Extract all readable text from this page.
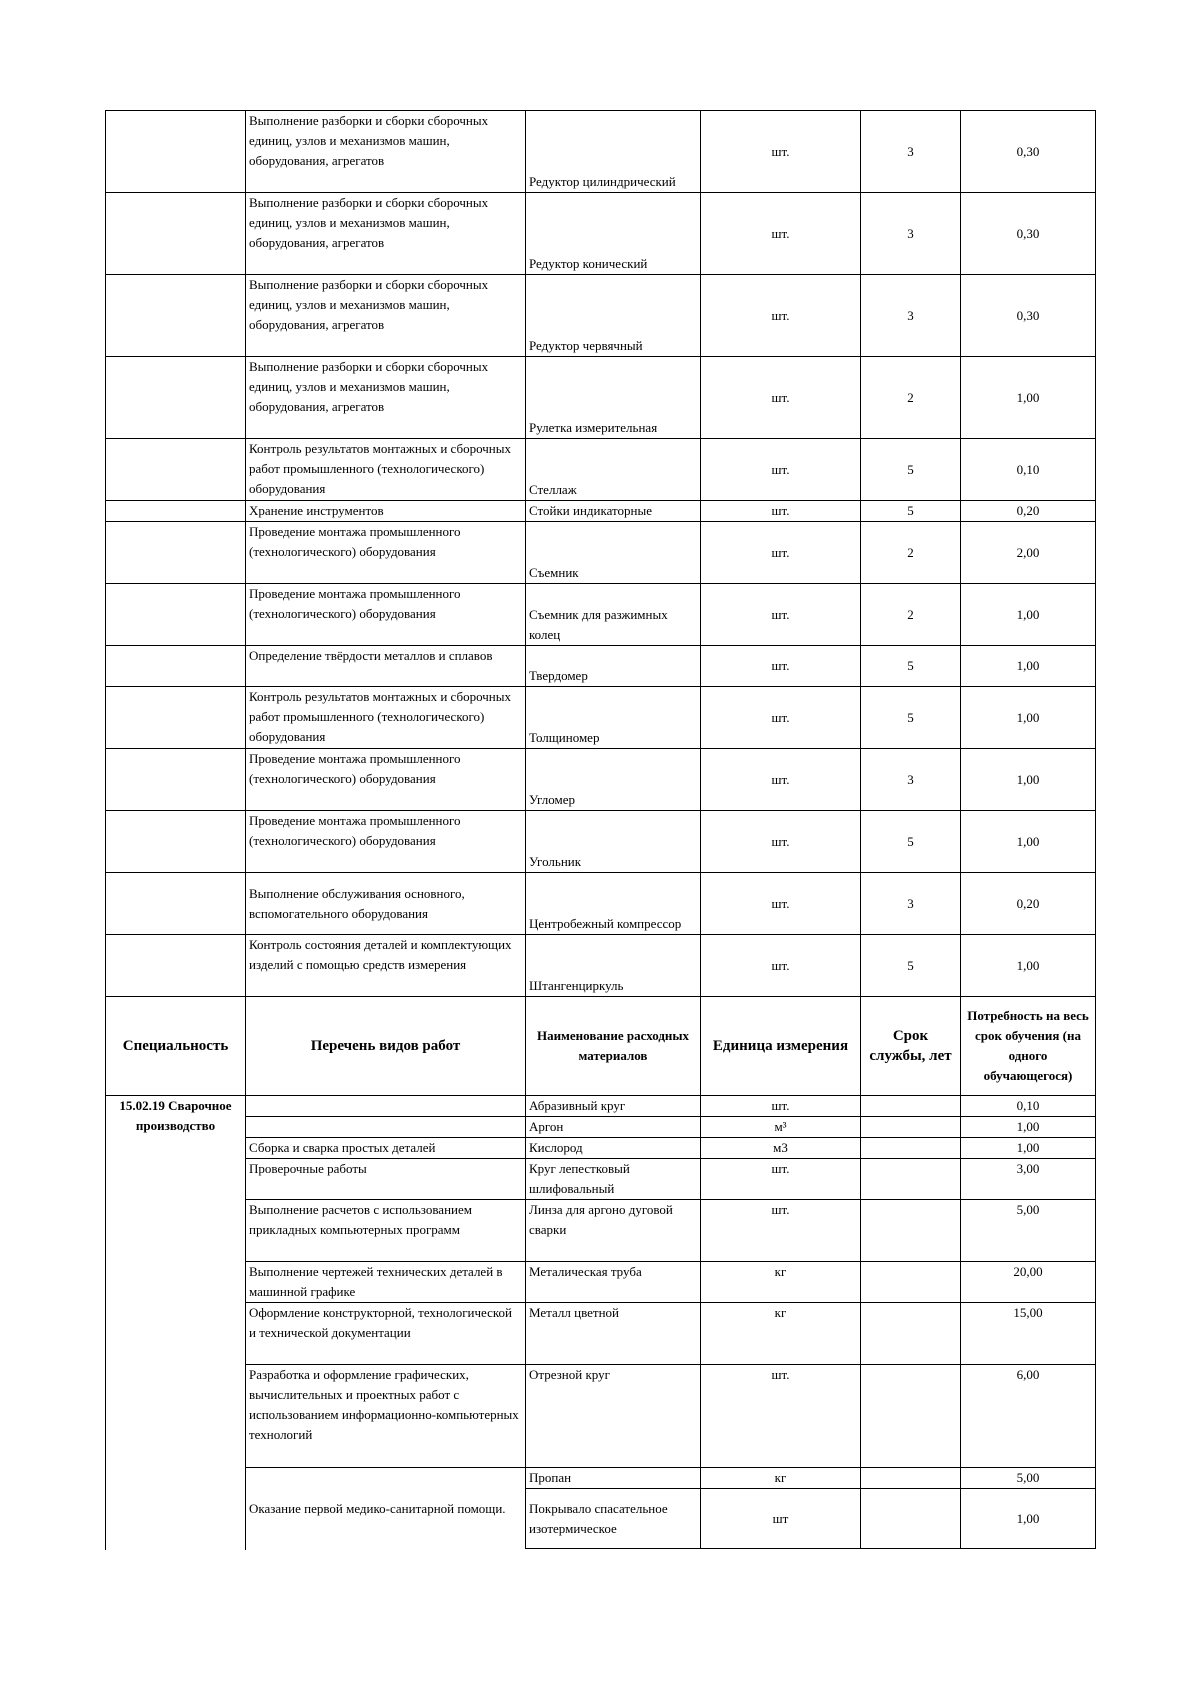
	Выполнение разборки и сборки сборочных единиц, узлов и механизмов машин, оборудования, агрегатов	Редуктор цилиндрический	шт.	3	0,30
	Выполнение разборки и сборки сборочных единиц, узлов и механизмов машин, оборудования, агрегатов	Редуктор конический	шт.	3	0,30
	Выполнение разборки и сборки сборочных единиц, узлов и механизмов машин, оборудования, агрегатов	Редуктор червячный	шт.	3	0,30
	Выполнение разборки и сборки сборочных единиц, узлов и механизмов машин, оборудования, агрегатов	Рулетка измерительная	шт.	2	1,00
	Контроль результатов монтажных и сборочных работ промышленного (технологического) оборудования	Стеллаж	шт.	5	0,10
	Хранение инструментов	Стойки индикаторные	шт.	5	0,20
	Проведение монтажа промышленного (технологического) оборудования	Съемник	шт.	2	2,00
	Проведение монтажа промышленного (технологического) оборудования	Съемник для разжимных колец	шт.	2	1,00
	Определение твёрдости металлов и сплавов	Твердомер	шт.	5	1,00
	Контроль результатов монтажных и сборочных работ промышленного (технологического) оборудования	Толщиномер	шт.	5	1,00
	Проведение монтажа промышленного (технологического) оборудования	Угломер	шт.	3	1,00
	Проведение монтажа промышленного (технологического) оборудования	Угольник	шт.	5	1,00
	Выполнение обслуживания основного, вспомогательного оборудования	Центробежный компрессор	шт.	3	0,20
	Контроль состояния деталей и комплектующих изделий с помощью средств измерения	Штангенциркуль	шт.	5	1,00
Специальность	Перечень видов работ	Наименование расходных материалов	Единица измерения	Срок службы, лет	Потребность на весь срок обучения (на одного обучающегося)
15.02.19 Сварочное производство		Абразивный круг	шт.		0,10
		Аргон	м³		1,00
	Сборка и сварка простых деталей	Кислород	м3		1,00
	Проверочные работы	Круг лепестковый шлифовальный	шт.		3,00
	Выполнение расчетов с использованием прикладных компьютерных программ	Линза для аргоно дуговой сварки	шт.		5,00
	Выполнение чертежей технических деталей в машинной графике	Металическая труба	кг		20,00
	Оформление конструкторной, технологической и технической документации	Металл цветной	кг		15,00
	Разработка и оформление графических, вычислительных и проектных работ с использованием информационно-компьютерных технологий	Отрезной круг	шт.		6,00
	Оказание первой медико-санитарной помощи.	Пропан	кг		5,00
		Покрывало спасательное изотермическое	шт		1,00
